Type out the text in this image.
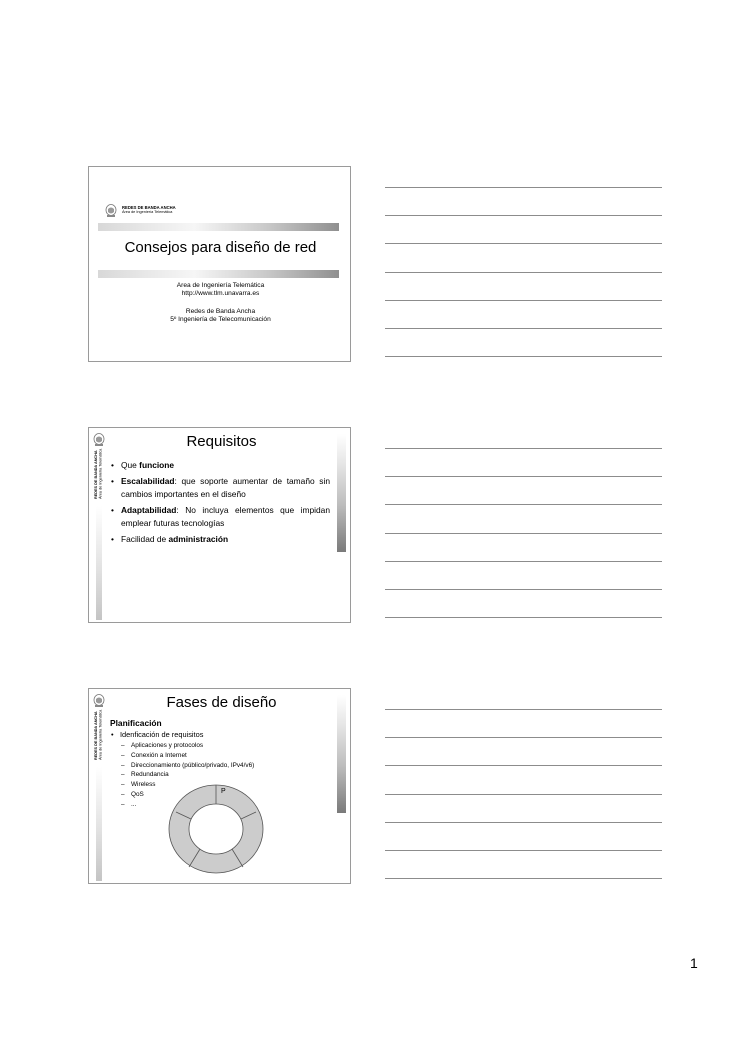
REDES DE BANDA ANCHA
Área de Ingeniería Telemática
Consejos para diseño de red
Area de Ingeniería Telemática
http://www.tlm.unavarra.es
Redes de Banda Ancha
5º Ingeniería de Telecomunicación
REDES DE BANDA ANCHA
Área de Ingeniería Telemática
Requisitos
• Que funcione
• Escalabilidad: que soporte aumentar de tamaño sin cambios importantes en el diseño
• Adaptabilidad: No incluya elementos que impidan emplear futuras tecnologías
• Facilidad de administración
REDES DE BANDA ANCHA
Área de Ingeniería Telemática
Fases de diseño
Planificación
• Idenficación de requisitos
– Aplicaciones y protocolos
– Conexión a Internet
– Direccionamiento (público/privado, IPv4/v6)
– Redundancia
– Wireless
– QoS
– ...
P
1
